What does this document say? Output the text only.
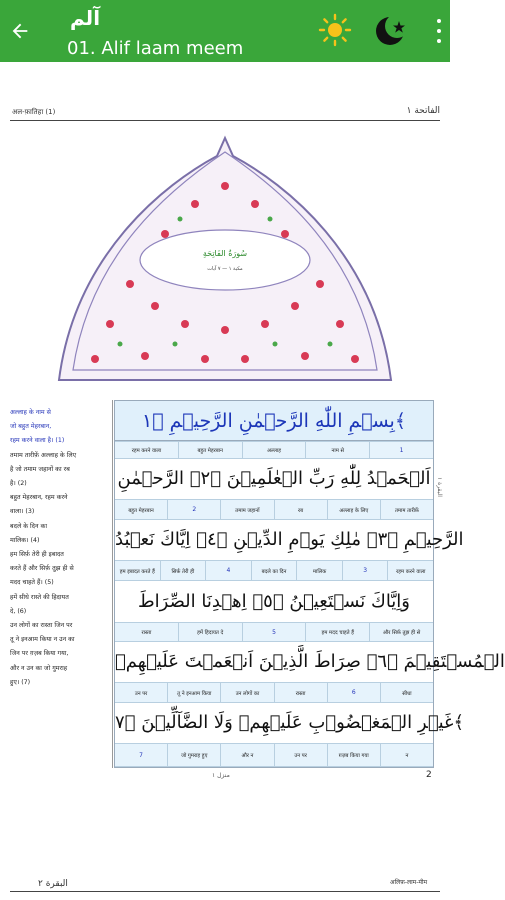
آلم
01. Alif laam meem
अल-फ़ातिहा (1)	الفاتحة ١
سُورَةُ الفَاتِحَةِ
مكية ١ — ٧ آيات
البقرة ١
अल्लाह के नाम से
जो बहुत मेहरबान,
रहम करने वाला है। (1)
तमाम तारीफ़ें अल्लाह के लिए
है जो तमाम जहानों का रब
है। (2)
बहुत मेहरबान, रहम करने
वाला। (3)
बदले के दिन का
मालिक। (4)
हम सिर्फ़ तेरी ही इबादत
करते हैं और सिर्फ़ तुझ ही से
मदद चाहते हैं। (5)
हमें सीधे रास्ते की हिदायत
दे, (6)
उन लोगों का रास्ता जिन पर
तू ने इनआम किया न उन का
जिन पर ग़ज़ब किया गया,
और न उन का जो गुमराह
हुए। (7)
بِسۡمِ اللّٰهِ الرَّحۡمٰنِ الرَّحِيۡمِ ﴿١﴾
रहम करने वाला	बहुत मेहरबान	अल्लाह	नाम से	1
اَلۡحَمۡدُ لِلّٰهِ رَبِّ الۡعٰلَمِيۡنَ ﴿٢﴾ الرَّحۡمٰنِ
बहुत मेहरबान	2	तमाम जहानों	रब	अल्लाह के लिए	तमाम तारीफ़ें
الرَّحِيۡمِ ﴿٣﴾ مٰلِكِ يَوۡمِ الدِّيۡنِ ﴿٤﴾ اِيَّاكَ نَعۡبُدُ
हम इबादत करते हैं	सिर्फ़ तेरी ही	4	बदले का दिन	मालिक	3	रहम करने वाला
وَاِيَّاكَ نَسۡتَعِيۡنُ ﴿٥﴾ اِهۡدِنَا الصِّرَاطَ
रास्ता	हमें हिदायत दे	5	हम मदद चाहते हैं	और सिर्फ़ तुझ ही से
الۡمُسۡتَقِيۡمَ ﴿٦﴾ صِرَاطَ الَّذِيۡنَ اَنۡعَمۡتَ عَلَيۡهِمۡ
उन पर	तू ने इनआम किया	उन लोगों का	रास्ता	6	सीधा
غَيۡرِ الۡمَغۡضُوۡبِ عَلَيۡهِمۡ وَلَا الضَّآلِّيۡنَ ﴿٧﴾
7	जो गुमराह हुए	और न	उन पर	ग़ज़ब किया गया	न
منزل ١	2
البقرة ٢	अलिफ़-लाम-मीम
